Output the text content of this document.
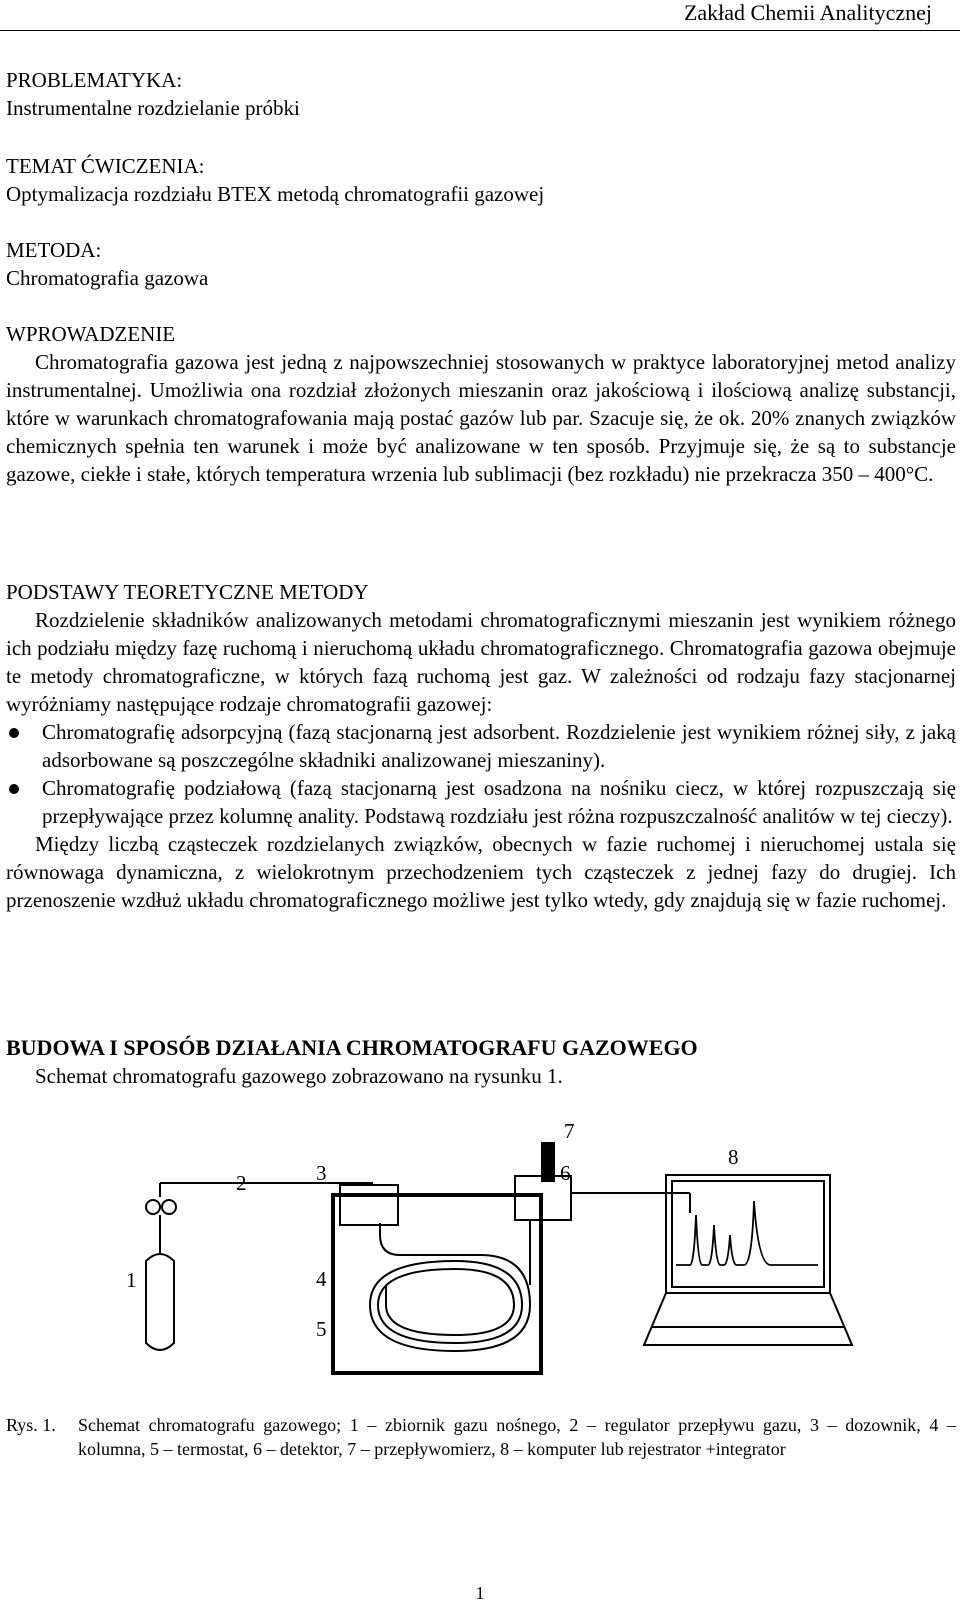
Zakład Chemii Analitycznej
PROBLEMATYKA:
Instrumentalne rozdzielanie próbki
TEMAT ĆWICZENIA:
Optymalizacja rozdziału BTEX metodą chromatografii gazowej
METODA:
Chromatografia gazowa
WPROWADZENIE
Chromatografia gazowa jest jedną z najpowszechniej stosowanych w praktyce laboratoryjnej metod analizy instrumentalnej. Umożliwia ona rozdział złożonych mieszanin oraz jakościową i ilościową analizę substancji, które w warunkach chromatografowania mają postać gazów lub par. Szacuje się, że ok. 20% znanych związków chemicznych spełnia ten warunek i może być analizowane w ten sposób. Przyjmuje się, że są to substancje gazowe, ciekłe i stałe, których temperatura wrzenia lub sublimacji (bez rozkładu) nie przekracza 350 – 400°C.
PODSTAWY TEORETYCZNE METODY
Rozdzielenie składników analizowanych metodami chromatograficznymi mieszanin jest wynikiem różnego ich podziału między fazę ruchomą i nieruchomą układu chromatograficznego. Chromatografia gazowa obejmuje te metody chromatograficzne, w których fazą ruchomą jest gaz. W zależności od rodzaju fazy stacjonarnej wyróżniamy następujące rodzaje chromatografii gazowej:
Chromatografię adsorpcyjną (fazą stacjonarną jest adsorbent. Rozdzielenie jest wynikiem różnej siły, z jaką adsorbowane są poszczególne składniki analizowanej mieszaniny).
Chromatografię podziałową (fazą stacjonarną jest osadzona na nośniku ciecz, w której rozpuszczają się przepływające przez kolumnę anality. Podstawą rozdziału jest różna rozpuszczalność analitów w tej cieczy).
Między liczbą cząsteczek rozdzielanych związków, obecnych w fazie ruchomej i nieruchomej ustala się równowaga dynamiczna, z wielokrotnym przechodzeniem tych cząsteczek z jednej fazy do drugiej. Ich przenoszenie wzdłuż układu chromatograficznego możliwe jest tylko wtedy, gdy znajdują się w fazie ruchomej.
BUDOWA I SPOSÓB DZIAŁANIA CHROMATOGRAFU GAZOWEGO
Schemat chromatografu gazowego zobrazowano na rysunku 1.
1
2	3
4
5
6
7
8
Rys. 1. Schemat chromatografu gazowego; 1 – zbiornik gazu nośnego, 2 – regulator przepływu gazu, 3 – dozownik, 4 – kolumna, 5 – termostat, 6 – detektor, 7 – przepływomierz, 8 – komputer lub rejestrator +integrator
1
